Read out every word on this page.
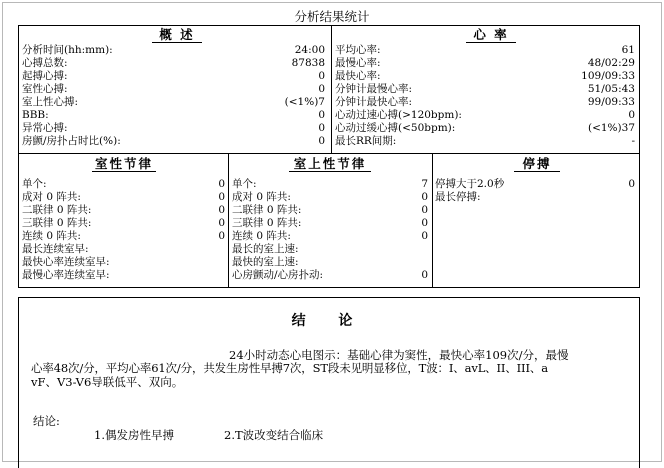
分析结果统计
概 述
分析时间(hh:mm):	24:00
心搏总数:	87838
起搏心搏:	0
室性心搏:	0
室上性心搏:	(<1%)7
BBB:	0
异常心搏:	0
房颤/房扑占时比(%):	0
心 率
平均心率:	61
最慢心率:	48/02:29
最快心率:	109/09:33
分钟计最慢心率:	51/05:43
分钟计最快心率:	99/09:33
心动过速心搏(>120bpm):	0
心动过缓心搏(<50bpm):	(<1%)37
最长RR间期:	-
室性节律
单个:	0
成对 0 阵共:	0
二联律 0 阵共:	0
三联律 0 阵共:	0
连续 0 阵共:	0
最长连续室早:
最快心率连续室早:
最慢心率连续室早:
室上性节律
单个:	7
成对 0 阵共:	0
二联律 0 阵共:	0
三联律 0 阵共:	0
连续 0 阵共:	0
最长的室上速:
最快的室上速:
心房颤动/心房扑动:	0
停搏
停搏大于2.0秒	0
最长停搏:
结 论
24小时动态心电图示：基础心律为窦性，最快心率109次/分，最慢
心率48次/分，平均心率61次/分，共发生房性早搏7次，ST段未见明显移位，T波：I、avL、II、III、a
vF、V3-V6导联低平、双向。
结论:
1.偶发房性早搏	2.T波改变结合临床
